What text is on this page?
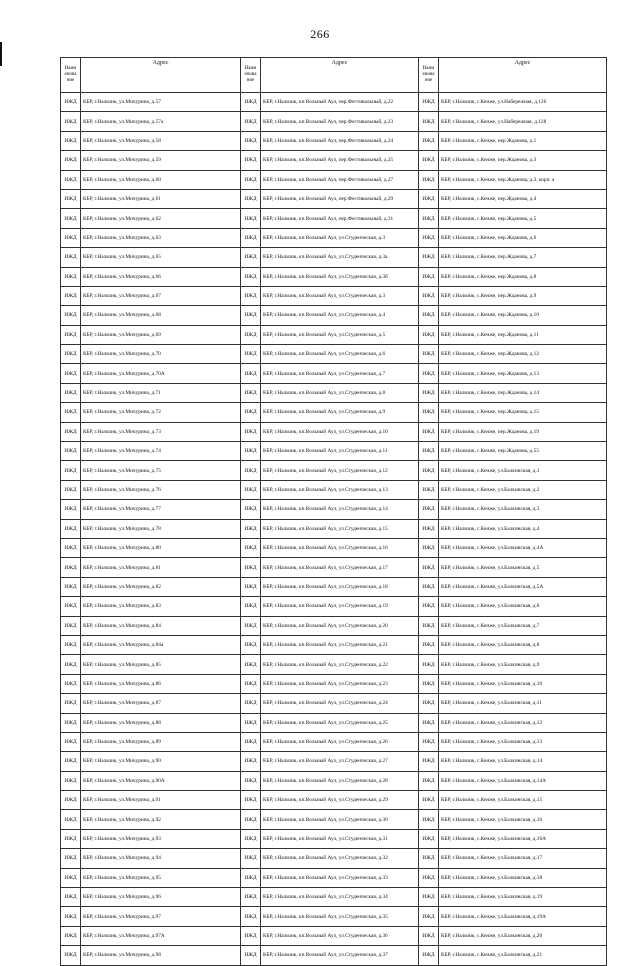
266
Наим енова ние	Адрес	Наим енова ние	Адрес	Наим енова ние	Адрес
ИЖД	КБР, г.Нальчик, ул.Мичурина, д.57	ИЖД	КБР, г.Нальчик, кп.Вольный Аул, пер.Фестивальный, д.22	ИЖД	КБР, г.Нальчик, с.Кенже, ул.Набережная, д.126
ИЖД	КБР, г.Нальчик, ул.Мичурина, д.57а	ИЖД	КБР, г.Нальчик, кп.Вольный Аул, пер.Фестивальный, д.23	ИЖД	КБР, г.Нальчик, с.Кенже, ул.Набережная, д.128
ИЖД	КБР, г.Нальчик, ул.Мичурина, д.58	ИЖД	КБР, г.Нальчик, кп.Вольный Аул, пер.Фестивальный, д.24	ИЖД	КБР, г.Нальчик, с.Кенже, пер.Жданова, д.1
ИЖД	КБР, г.Нальчик, ул.Мичурина, д.59	ИЖД	КБР, г.Нальчик, кп.Вольный Аул, пер.Фестивальный, д.25	ИЖД	КБР, г.Нальчик, с.Кенже, пер.Жданова, д.3
ИЖД	КБР, г.Нальчик, ул.Мичурина, д.60	ИЖД	КБР, г.Нальчик, кп.Вольный Аул, пер.Фестивальный, д.27	ИЖД	КБР, г.Нальчик, с.Кенже, пер.Жданова, д.3, корп. а
ИЖД	КБР, г.Нальчик, ул.Мичурина, д.61	ИЖД	КБР, г.Нальчик, кп.Вольный Аул, пер.Фестивальный, д.29	ИЖД	КБР, г.Нальчик, с.Кенже, пер.Жданова, д.4
ИЖД	КБР, г.Нальчик, ул.Мичурина, д.62	ИЖД	КБР, г.Нальчик, кп.Вольный Аул, пер.Фестивальный, д.31	ИЖД	КБР, г.Нальчик, с.Кенже, пер.Жданова, д.5
ИЖД	КБР, г.Нальчик, ул.Мичурина, д.63	ИЖД	КБР, г.Нальчик, кп.Вольный Аул, ул.Студенческая, д.3	ИЖД	КБР, г.Нальчик, с.Кенже, пер.Жданова, д.6
ИЖД	КБР, г.Нальчик, ул.Мичурина, д.65	ИЖД	КБР, г.Нальчик, кп.Вольный Аул, ул.Студенческая, д.3а	ИЖД	КБР, г.Нальчик, с.Кенже, пер.Жданова, д.7
ИЖД	КБР, г.Нальчик, ул.Мичурина, д.66	ИЖД	КБР, г.Нальчик, кп.Вольный Аул, ул.Студенческая, д.3б	ИЖД	КБР, г.Нальчик, с.Кенже, пер.Жданова, д.8
ИЖД	КБР, г.Нальчик, ул.Мичурина, д.67	ИЖД	КБР, г.Нальчик, кп.Вольный Аул, ул.Студенческая, д.3	ИЖД	КБР, г.Нальчик, с.Кенже, пер.Жданова, д.9
ИЖД	КБР, г.Нальчик, ул.Мичурина, д.68	ИЖД	КБР, г.Нальчик, кп.Вольный Аул, ул.Студенческая, д.4	ИЖД	КБР, г.Нальчик, с.Кенже, пер.Жданова, д.10
ИЖД	КБР, г.Нальчик, ул.Мичурина, д.69	ИЖД	КБР, г.Нальчик, кп.Вольный Аул, ул.Студенческая, д.5	ИЖД	КБР, г.Нальчик, с.Кенже, пер.Жданова, д.11
ИЖД	КБР, г.Нальчик, ул.Мичурина, д.70	ИЖД	КБР, г.Нальчик, кп.Вольный Аул, ул.Студенческая, д.6	ИЖД	КБР, г.Нальчик, с.Кенже, пер.Жданова, д.12
ИЖД	КБР, г.Нальчик, ул.Мичурина, д.70А	ИЖД	КБР, г.Нальчик, кп.Вольный Аул, ул.Студенческая, д.7	ИЖД	КБР, г.Нальчик, с.Кенже, пер.Жданова, д.13
ИЖД	КБР, г.Нальчик, ул.Мичурина, д.71	ИЖД	КБР, г.Нальчик, кп.Вольный Аул, ул.Студенческая, д.8	ИЖД	КБР, г.Нальчик, с.Кенже, пер.Жданова, д.14
ИЖД	КБР, г.Нальчик, ул.Мичурина, д.72	ИЖД	КБР, г.Нальчик, кп.Вольный Аул, ул.Студенческая, д.9	ИЖД	КБР, г.Нальчик, с.Кенже, пер.Жданова, д.15
ИЖД	КБР, г.Нальчик, ул.Мичурина, д.73	ИЖД	КБР, г.Нальчик, кп.Вольный Аул, ул.Студенческая, д.10	ИЖД	КБР, г.Нальчик, с.Кенже, пер.Жданова, д.19
ИЖД	КБР, г.Нальчик, ул.Мичурина, д.74	ИЖД	КБР, г.Нальчик, кп.Вольный Аул, ул.Студенческая, д.11	ИЖД	КБР, г.Нальчик, с.Кенже, пер.Жданова, д.55
ИЖД	КБР, г.Нальчик, ул.Мичурина, д.75	ИЖД	КБР, г.Нальчик, кп.Вольный Аул, ул.Студенческая, д.12	ИЖД	КБР, г.Нальчик, с.Кенже, ул.Балкинская, д.1
ИЖД	КБР, г.Нальчик, ул.Мичурина, д.76	ИЖД	КБР, г.Нальчик, кп.Вольный Аул, ул.Студенческая, д.13	ИЖД	КБР, г.Нальчик, с.Кенже, ул.Балкинская, д.2
ИЖД	КБР, г.Нальчик, ул.Мичурина, д.77	ИЖД	КБР, г.Нальчик, кп.Вольный Аул, ул.Студенческая, д.14	ИЖД	КБР, г.Нальчик, с.Кенже, ул.Балкинская, д.3
ИЖД	КБР, г.Нальчик, ул.Мичурина, д.78	ИЖД	КБР, г.Нальчик, кп.Вольный Аул, ул.Студенческая, д.15	ИЖД	КБР, г.Нальчик, с.Кенже, ул.Балкинская, д.4
ИЖД	КБР, г.Нальчик, ул.Мичурина, д.80	ИЖД	КБР, г.Нальчик, кп.Вольный Аул, ул.Студенческая, д.16	ИЖД	КБР, г.Нальчик, с.Кенже, ул.Балкинская, д.4А
ИЖД	КБР, г.Нальчик, ул.Мичурина, д.81	ИЖД	КБР, г.Нальчик, кп.Вольный Аул, ул.Студенческая, д.17	ИЖД	КБР, г.Нальчик, с.Кенже, ул.Балкинская, д.5
ИЖД	КБР, г.Нальчик, ул.Мичурина, д.82	ИЖД	КБР, г.Нальчик, кп.Вольный Аул, ул.Студенческая, д.18	ИЖД	КБР, г.Нальчик, с.Кенже, ул.Балкинская, д.5А
ИЖД	КБР, г.Нальчик, ул.Мичурина, д.83	ИЖД	КБР, г.Нальчик, кп.Вольный Аул, ул.Студенческая, д.19	ИЖД	КБР, г.Нальчик, с.Кенже, ул.Балкинская, д.6
ИЖД	КБР, г.Нальчик, ул.Мичурина, д.84	ИЖД	КБР, г.Нальчик, кп.Вольный Аул, ул.Студенческая, д.20	ИЖД	КБР, г.Нальчик, с.Кенже, ул.Балкинская, д.7
ИЖД	КБР, г.Нальчик, ул.Мичурина, д.84а	ИЖД	КБР, г.Нальчик, кп.Вольный Аул, ул.Студенческая, д.21	ИЖД	КБР, г.Нальчик, с.Кенже, ул.Балкинская, д.8
ИЖД	КБР, г.Нальчик, ул.Мичурина, д.85	ИЖД	КБР, г.Нальчик, кп.Вольный Аул, ул.Студенческая, д.22	ИЖД	КБР, г.Нальчик, с.Кенже, ул.Балкинская, д.9
ИЖД	КБР, г.Нальчик, ул.Мичурина, д.86	ИЖД	КБР, г.Нальчик, кп.Вольный Аул, ул.Студенческая, д.23	ИЖД	КБР, г.Нальчик, с.Кенже, ул.Балкинская, д.10
ИЖД	КБР, г.Нальчик, ул.Мичурина, д.87	ИЖД	КБР, г.Нальчик, кп.Вольный Аул, ул.Студенческая, д.24	ИЖД	КБР, г.Нальчик, с.Кенже, ул.Балкинская, д.11
ИЖД	КБР, г.Нальчик, ул.Мичурина, д.88	ИЖД	КБР, г.Нальчик, кп.Вольный Аул, ул.Студенческая, д.25	ИЖД	КБР, г.Нальчик, с.Кенже, ул.Балкинская, д.12
ИЖД	КБР, г.Нальчик, ул.Мичурина, д.89	ИЖД	КБР, г.Нальчик, кп.Вольный Аул, ул.Студенческая, д.26	ИЖД	КБР, г.Нальчик, с.Кенже, ул.Балкинская, д.13
ИЖД	КБР, г.Нальчик, ул.Мичурина, д.90	ИЖД	КБР, г.Нальчик, кп.Вольный Аул, ул.Студенческая, д.27	ИЖД	КБР, г.Нальчик, с.Кенже, ул.Балкинская, д.14
ИЖД	КБР, г.Нальчик, ул.Мичурина, д.90А	ИЖД	КБР, г.Нальчик, кп.Вольный Аул, ул.Студенческая, д.28	ИЖД	КБР, г.Нальчик, с.Кенже, ул.Балкинская, д.14А
ИЖД	КБР, г.Нальчик, ул.Мичурина, д.91	ИЖД	КБР, г.Нальчик, кп.Вольный Аул, ул.Студенческая, д.29	ИЖД	КБР, г.Нальчик, с.Кенже, ул.Балкинская, д.15
ИЖД	КБР, г.Нальчик, ул.Мичурина, д.92	ИЖД	КБР, г.Нальчик, кп.Вольный Аул, ул.Студенческая, д.30	ИЖД	КБР, г.Нальчик, с.Кенже, ул.Балкинская, д.16
ИЖД	КБР, г.Нальчик, ул.Мичурина, д.93	ИЖД	КБР, г.Нальчик, кп.Вольный Аул, ул.Студенческая, д.31	ИЖД	КБР, г.Нальчик, с.Кенже, ул.Балкинская, д.16А
ИЖД	КБР, г.Нальчик, ул.Мичурина, д.94	ИЖД	КБР, г.Нальчик, кп.Вольный Аул, ул.Студенческая, д.32	ИЖД	КБР, г.Нальчик, с.Кенже, ул.Балкинская, д.17
ИЖД	КБР, г.Нальчик, ул.Мичурина, д.95	ИЖД	КБР, г.Нальчик, кп.Вольный Аул, ул.Студенческая, д.33	ИЖД	КБР, г.Нальчик, с.Кенже, ул.Балкинская, д.18
ИЖД	КБР, г.Нальчик, ул.Мичурина, д.96	ИЖД	КБР, г.Нальчик, кп.Вольный Аул, ул.Студенческая, д.34	ИЖД	КБР, г.Нальчик, с.Кенже, ул.Балкинская, д.19
ИЖД	КБР, г.Нальчик, ул.Мичурина, д.97	ИЖД	КБР, г.Нальчик, кп.Вольный Аул, ул.Студенческая, д.35	ИЖД	КБР, г.Нальчик, с.Кенже, ул.Балкинская, д.19А
ИЖД	КБР, г.Нальчик, ул.Мичурина, д.97А	ИЖД	КБР, г.Нальчик, кп.Вольный Аул, ул.Студенческая, д.36	ИЖД	КБР, г.Нальчик, с.Кенже, ул.Балкинская, д.20
ИЖД	КБР, г.Нальчик, ул.Мичурина, д.98	ИЖД	КБР, г.Нальчик, кп.Вольный Аул, ул.Студенческая, д.37	ИЖД	КБР, г.Нальчик, с.Кенже, ул.Балкинская, д.21
